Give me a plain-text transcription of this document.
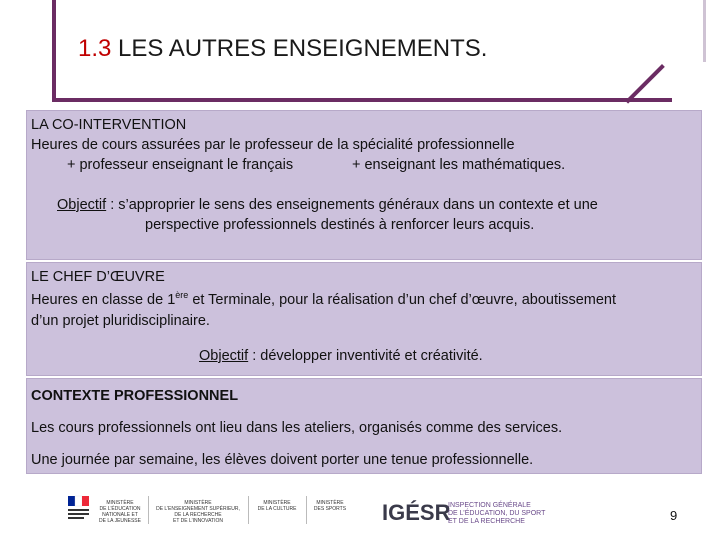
1.3 LES AUTRES ENSEIGNEMENTS.
LA CO-INTERVENTION
Heures de cours assurées par le professeur de la spécialité professionnelle
+ professeur enseignant le français	+ enseignant les mathématiques.
Objectif : s’approprier le sens des enseignements généraux dans un contexte et une
perspective professionnels destinés à renforcer leurs acquis.
LE CHEF D’ŒUVRE
Heures en classe de 1ère et Terminale, pour la réalisation d’un chef d’œuvre, aboutissement
d’un projet pluridisciplinaire.
Objectif : développer inventivité et créativité.
CONTEXTE PROFESSIONNEL
Les cours professionnels ont lieu dans les ateliers, organisés comme des services.
Une journée par semaine, les élèves doivent porter une tenue professionnelle.
MINISTÈRE
DE L’ÉDUCATION
NATIONALE ET
DE LA JEUNESSE
MINISTÈRE
DE L’ENSEIGNEMENT SUPÉRIEUR,
DE LA RECHERCHE
ET DE L’INNOVATION
MINISTÈRE
DE LA CULTURE
MINISTÈRE
DES SPORTS IGÉSR
INSPECTION GÉNÉRALE
DE L’ÉDUCATION, DU SPORT
ET DE LA RECHERCHE	9
